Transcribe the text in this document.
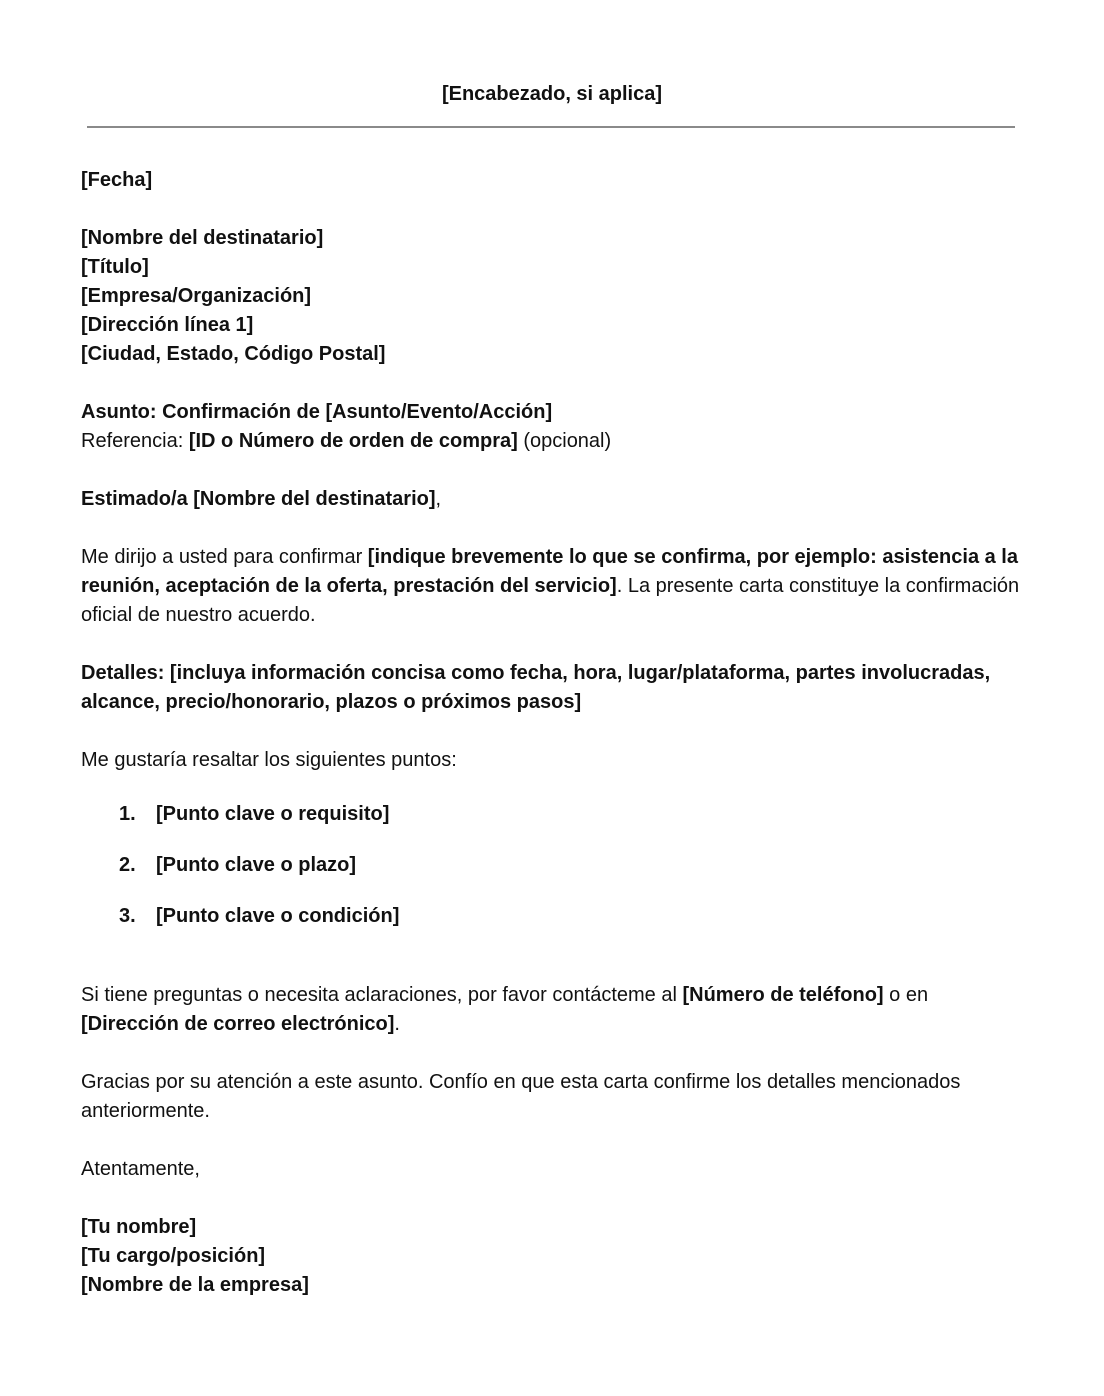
[Encabezado, si aplica]

[Fecha]

[Nombre del destinatario]

[Título]

[Empresa/Organización]

[Dirección línea 1]

[Ciudad, Estado, Código Postal]

Asunto: Confirmación de [Asunto/Evento/Acción]

Referencia: [ID o Número de orden de compra] (opcional)

Estimado/a [Nombre del destinatario],

Me dirijo a usted para confirmar [indique brevemente lo que se confirma, por ejemplo: asistencia a la reunión, aceptación de la oferta, prestación del servicio]. La presente carta constituye la confirmación oficial de nuestro acuerdo.

Detalles: [incluya información concisa como fecha, hora, lugar/plataforma, partes involucradas, alcance, precio/honorario, plazos o próximos pasos]

Me gustaría resaltar los siguientes puntos:

1. [Punto clave o requisito]
2. [Punto clave o plazo]
3. [Punto clave o condición]

Si tiene preguntas o necesita aclaraciones, por favor contácteme al [Número de teléfono] o en [Dirección de correo electrónico].

Gracias por su atención a este asunto. Confío en que esta carta confirme los detalles mencionados anteriormente.

Atentamente,

[Tu nombre]

[Tu cargo/posición]

[Nombre de la empresa]
